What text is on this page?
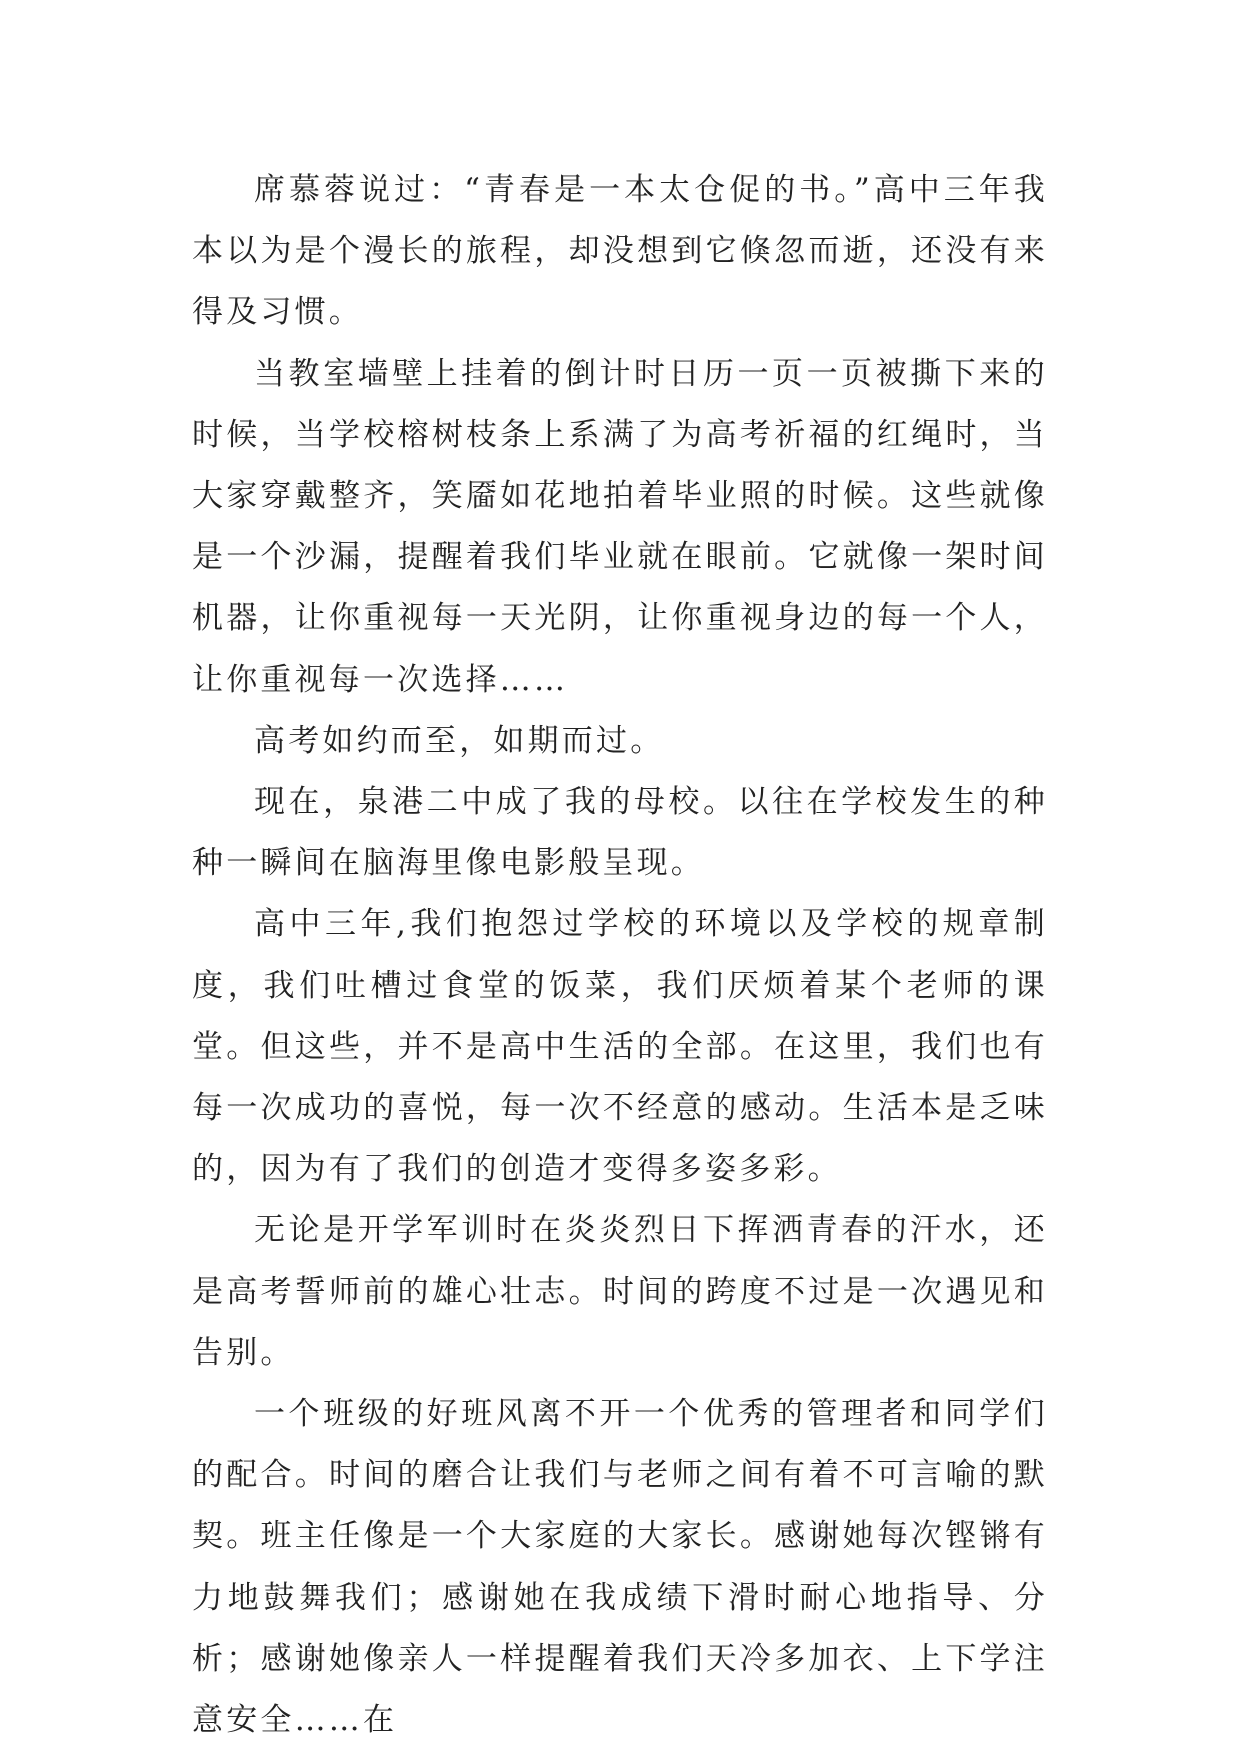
席慕蓉说过：“青春是一本太仓促的书。”高中三年我本以为是个漫长的旅程，却没想到它倏忽而逝，还没有来得及习惯。

当教室墙壁上挂着的倒计时日历一页一页被撕下来的时候，当学校榕树枝条上系满了为高考祈福的红绳时，当大家穿戴整齐，笑靥如花地拍着毕业照的时候。这些就像是一个沙漏，提醒着我们毕业就在眼前。它就像一架时间机器，让你重视每一天光阴，让你重视身边的每一个人，让你重视每一次选择……

高考如约而至，如期而过。

现在，泉港二中成了我的母校。以往在学校发生的种种一瞬间在脑海里像电影般呈现。

高中三年,我们抱怨过学校的环境以及学校的规章制度，我们吐槽过食堂的饭菜，我们厌烦着某个老师的课堂。但这些，并不是高中生活的全部。在这里，我们也有每一次成功的喜悦，每一次不经意的感动。生活本是乏味的，因为有了我们的创造才变得多姿多彩。

无论是开学军训时在炎炎烈日下挥洒青春的汗水，还是高考誓师前的雄心壮志。时间的跨度不过是一次遇见和告别。

一个班级的好班风离不开一个优秀的管理者和同学们的配合。时间的磨合让我们与老师之间有着不可言喻的默契。班主任像是一个大家庭的大家长。感谢她每次铿锵有力地鼓舞我们；感谢她在我成绩下滑时耐心地指导、分析；感谢她像亲人一样提醒着我们天冷多加衣、上下学注意安全……在
